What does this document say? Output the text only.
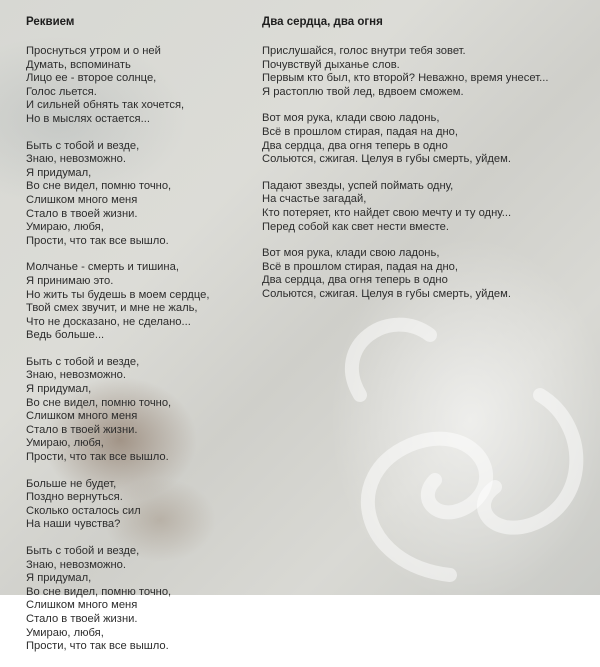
Реквием
Проснуться утром и о ней
Думать, вспоминать
Лицо ее - второе солнце,
Голос льется.
И сильней обнять так хочется,
Но в мыслях остается...
Быть с тобой и везде,
Знаю, невозможно.
Я придумал,
Во сне видел, помню точно,
Слишком много меня
Стало в твоей жизни.
Умираю, любя,
Прости, что так все вышло.
Молчанье - смерть и тишина,
Я принимаю это.
Но жить ты будешь в моем сердце,
Твой смех звучит, и мне не жаль,
Что не досказано, не сделано...
Ведь больше...
Быть с тобой и везде,
Знаю, невозможно.
Я придумал,
Во сне видел, помню точно,
Слишком много меня
Стало в твоей жизни.
Умираю, любя,
Прости, что так все вышло.
Больше не будет,
Поздно вернуться.
Сколько осталось сил
На наши чувства?
Быть с тобой и везде,
Знаю, невозможно.
Я придумал,
Во сне видел, помню точно,
Слишком много меня
Стало в твоей жизни.
Умираю, любя,
Прости, что так все вышло.
Два сердца, два огня
Прислушайся, голос внутри тебя зовет.
Почувствуй дыханье слов.
Первым кто был, кто второй? Неважно, время унесет...
Я растоплю твой лед, вдвоем сможем.
Вот моя рука, клади свою ладонь,
Всё в прошлом стирая, падая на дно,
Два сердца, два огня теперь в одно
Сольются, сжигая. Целуя в губы смерть, уйдем.
Падают звезды, успей поймать одну,
На счастье загадай,
Кто потеряет, кто найдет свою мечту и ту одну...
Перед собой как свет нести вместе.
Вот моя рука, клади свою ладонь,
Всё в прошлом стирая, падая на дно,
Два сердца, два огня теперь в одно
Сольются, сжигая. Целуя в губы смерть, уйдем.
